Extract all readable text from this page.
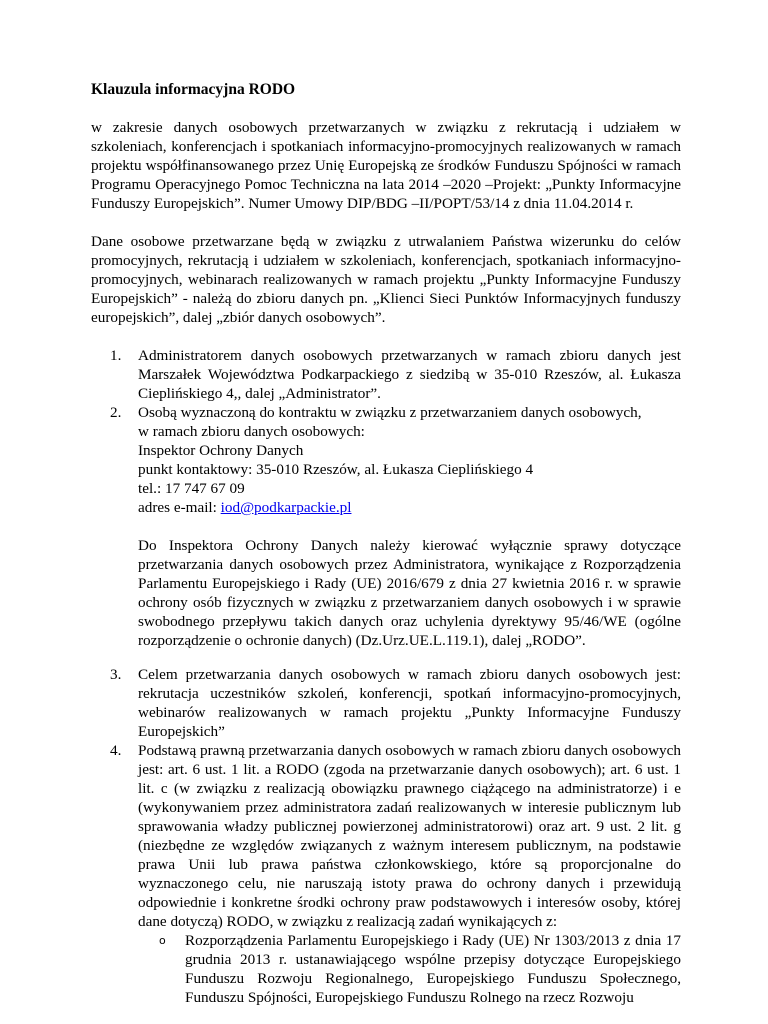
Klauzula informacyjna RODO

w zakresie danych osobowych przetwarzanych w związku z rekrutacją i udziałem w szkoleniach, konferencjach i spotkaniach informacyjno-promocyjnych realizowanych w ramach projektu współfinansowanego przez Unię Europejską ze środków Funduszu Spójności w ramach Programu Operacyjnego Pomoc Techniczna na lata 2014 –2020 –Projekt: „Punkty Informacyjne Funduszy Europejskich”. Numer Umowy DIP/BDG –II/POPT/53/14 z dnia 11.04.2014 r.

Dane osobowe przetwarzane będą w związku z utrwalaniem Państwa wizerunku do celów promocyjnych, rekrutacją i udziałem w szkoleniach, konferencjach, spotkaniach informacyjno-promocyjnych, webinarach realizowanych w ramach projektu „Punkty Informacyjne Funduszy Europejskich” - należą do zbioru danych pn. „Klienci Sieci Punktów Informacyjnych funduszy europejskich”, dalej „zbiór danych osobowych”.

1. Administratorem danych osobowych przetwarzanych w ramach zbioru danych jest Marszałek Województwa Podkarpackiego z siedzibą w 35-010 Rzeszów, al. Łukasza Cieplińskiego 4,, dalej „Administrator”.
2. Osobą wyznaczoną do kontraktu w związku z przetwarzaniem danych osobowych,
w ramach zbioru danych osobowych:
Inspektor Ochrony Danych
punkt kontaktowy: 35-010 Rzeszów, al. Łukasza Cieplińskiego 4
tel.: 17 747 67 09
adres e-mail: iod@podkarpackie.pl

Do Inspektora Ochrony Danych należy kierować wyłącznie sprawy dotyczące przetwarzania danych osobowych przez Administratora, wynikające z Rozporządzenia Parlamentu Europejskiego i Rady (UE) 2016/679 z dnia 27 kwietnia 2016 r. w sprawie ochrony osób fizycznych w związku z przetwarzaniem danych osobowych i w sprawie swobodnego przepływu takich danych oraz uchylenia dyrektywy 95/46/WE (ogólne rozporządzenie o ochronie danych) (Dz.Urz.UE.L.119.1), dalej „RODO”.

3. Celem przetwarzania danych osobowych w ramach zbioru danych osobowych jest: rekrutacja uczestników szkoleń, konferencji, spotkań informacyjno-promocyjnych, webinarów realizowanych w ramach projektu „Punkty Informacyjne Funduszy Europejskich”
4. Podstawą prawną przetwarzania danych osobowych w ramach zbioru danych osobowych jest: art. 6 ust. 1 lit. a RODO (zgoda na przetwarzanie danych osobowych); art. 6 ust. 1 lit. c (w związku z realizacją obowiązku prawnego ciążącego na administratorze) i e (wykonywaniem przez administratora zadań realizowanych w interesie publicznym lub sprawowania władzy publicznej powierzonej administratorowi) oraz art. 9 ust. 2 lit. g (niezbędne ze względów związanych z ważnym interesem publicznym, na podstawie prawa Unii lub prawa państwa członkowskiego, które są proporcjonalne do wyznaczonego celu, nie naruszają istoty prawa do ochrony danych i przewidują odpowiednie i konkretne środki ochrony praw podstawowych i interesów osoby, której dane dotyczą) RODO, w związku z realizacją zadań wynikających z:
o Rozporządzenia Parlamentu Europejskiego i Rady (UE) Nr 1303/2013 z dnia 17 grudnia 2013 r. ustanawiającego wspólne przepisy dotyczące Europejskiego Funduszu Rozwoju Regionalnego, Europejskiego Funduszu Społecznego, Funduszu Spójności, Europejskiego Funduszu Rolnego na rzecz Rozwoju
